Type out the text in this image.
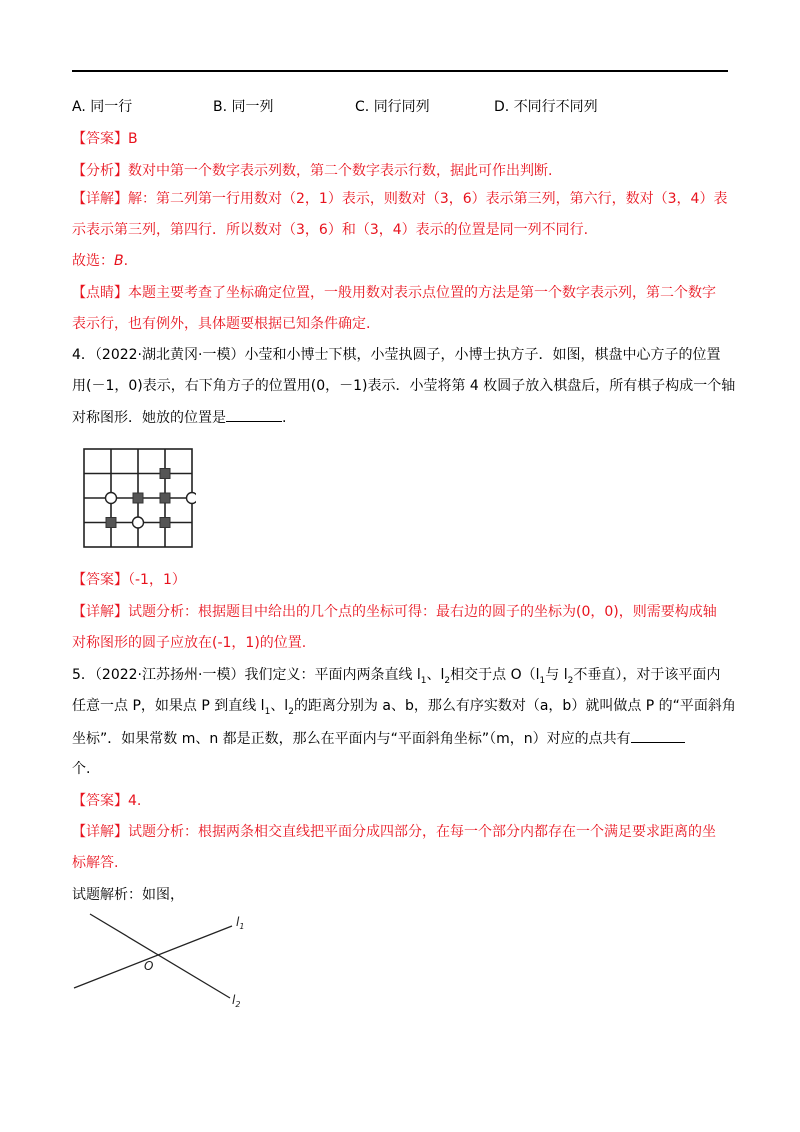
A. 同一行	B. 同一列	C. 同行同列	D. 不同行不同列
【答案】B
【分析】数对中第一个数字表示列数，第二个数字表示行数，据此可作出判断.
【详解】解：第二列第一行用数对（2，1）表示，则数对（3，6）表示第三列，第六行，数对（3，4）表
示表示第三列，第四行．所以数对（3，6）和（3，4）表示的位置是同一列不同行.
故选：B.
【点睛】本题主要考查了坐标确定位置，一般用数对表示点位置的方法是第一个数字表示列，第二个数字
表示行，也有例外，具体题要根据已知条件确定.
4．（2022·湖北黄冈·一模）小莹和小博士下棋，小莹执圆子，小博士执方子．如图，棋盘中心方子的位置
用(－1，0)表示，右下角方子的位置用(0，－1)表示．小莹将第 4 枚圆子放入棋盘后，所有棋子构成一个轴
对称图形．她放的位置是	.
【答案】（-1，1）
【详解】试题分析：根据题目中给出的几个点的坐标可得：最右边的圆子的坐标为(0，0)，则需要构成轴
对称图形的圆子应放在(-1，1)的位置.
5．（2022·江苏扬州·一模）我们定义：平面内两条直线 $l_1$、$l_2$相交于点 $O(l_1$与 $l_2$不垂直），对于该平面内
任意一点 P，如果点 P 到直线 $l_1$、$l_2$的距离分别为 a、b，那么有序实数对（a，b）就叫做点 P 的“平面斜角
坐标”．如果常数 m、n 都是正数，那么在平面内与“平面斜角坐标”（m，n）对应的点共有
个.
【答案】4.
【详解】试题分析：根据两条相交直线把平面分成四部分，在每一个部分内都存在一个满足要求距离的坐
标解答.
试题解析：如图，
$l_1$
$l_2$
O
